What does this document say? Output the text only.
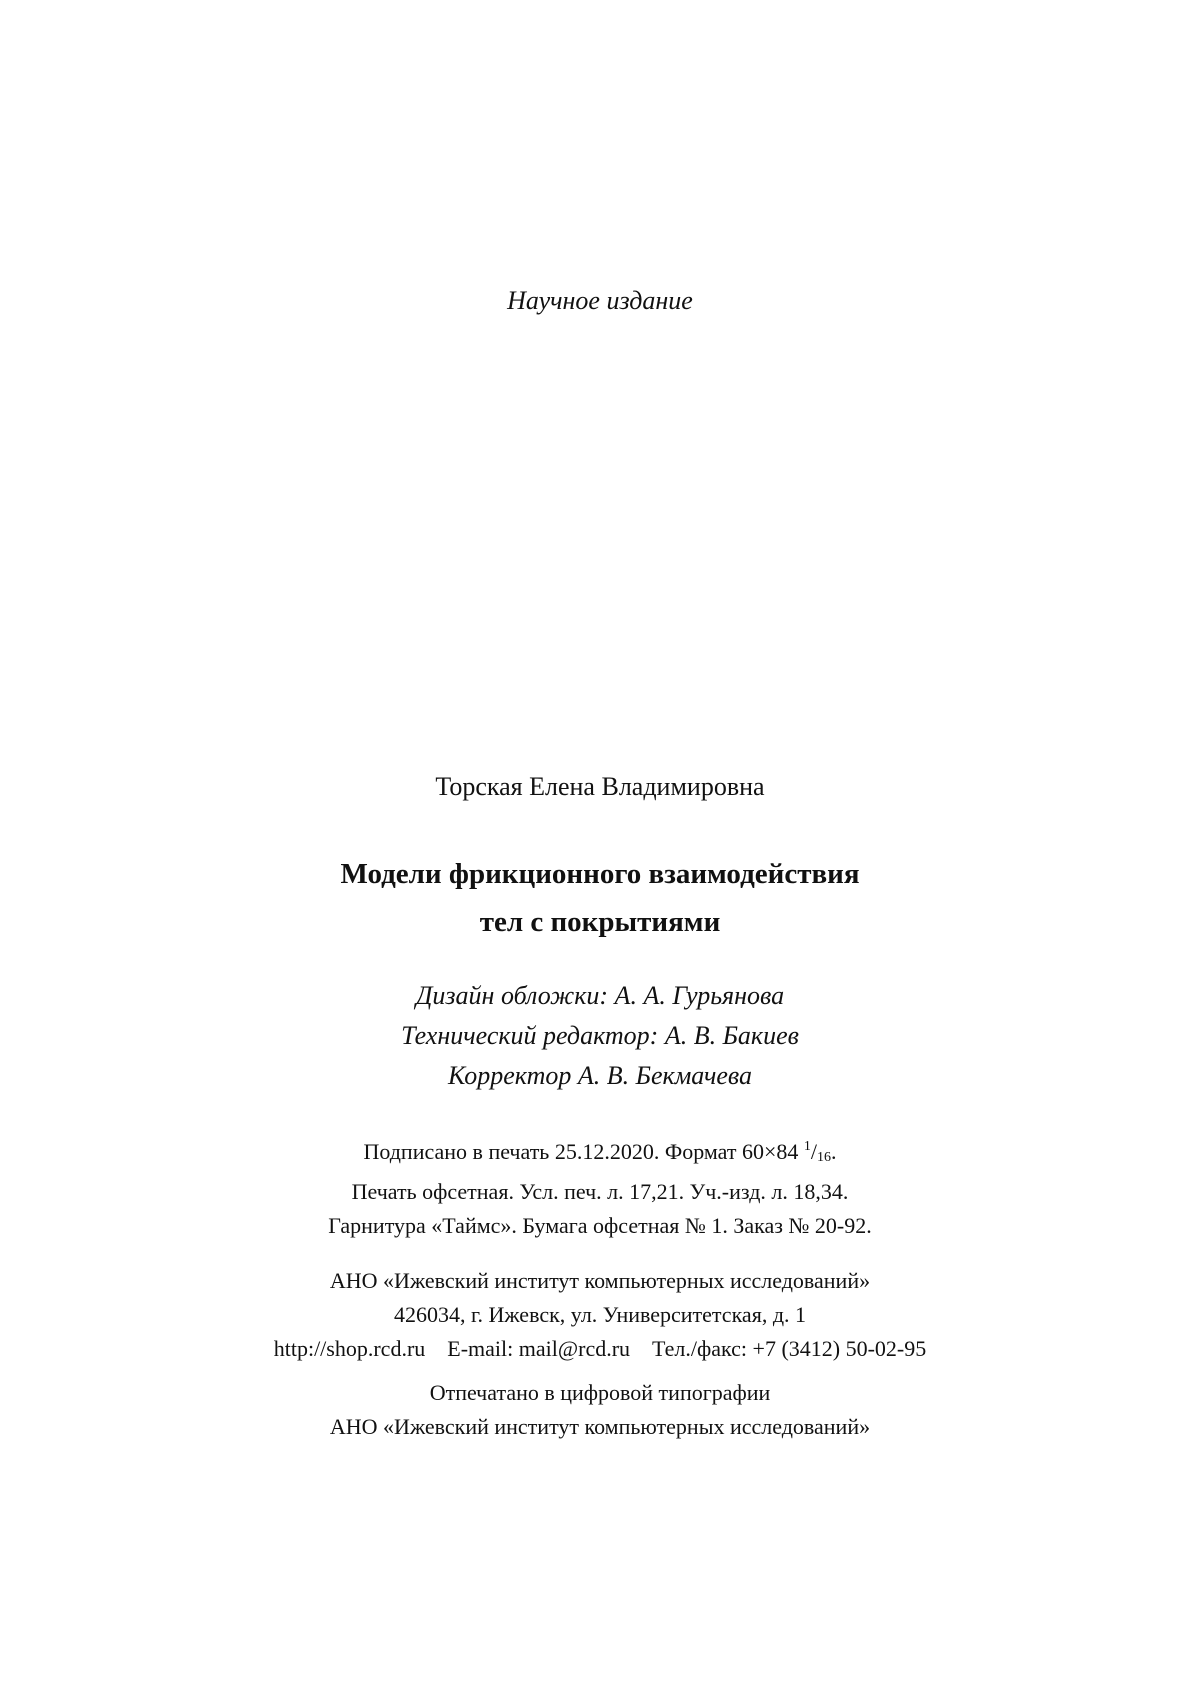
Научное издание
Торская Елена Владимировна
Модели фрикционного взаимодействия
тел с покрытиями
Дизайн обложки: А. А. Гурьянова
Технический редактор: А. В. Бакиев
Корректор А. В. Бекмачева
Подписано в печать 25.12.2020. Формат 60×84 $^1$/16.
Печать офсетная. Усл. печ. л. 17,21. Уч.-изд. л. 18,34.
Гарнитура «Таймс». Бумага офсетная № 1. Заказ № 20-92.
АНО «Ижевский институт компьютерных исследований»
426034, г. Ижевск, ул. Университетская, д. 1
http://shop.rcd.ru E-mail: mail@rcd.ru Тел./факс: +7 (3412) 50-02-95
Отпечатано в цифровой типографии
АНО «Ижевский институт компьютерных исследований»
